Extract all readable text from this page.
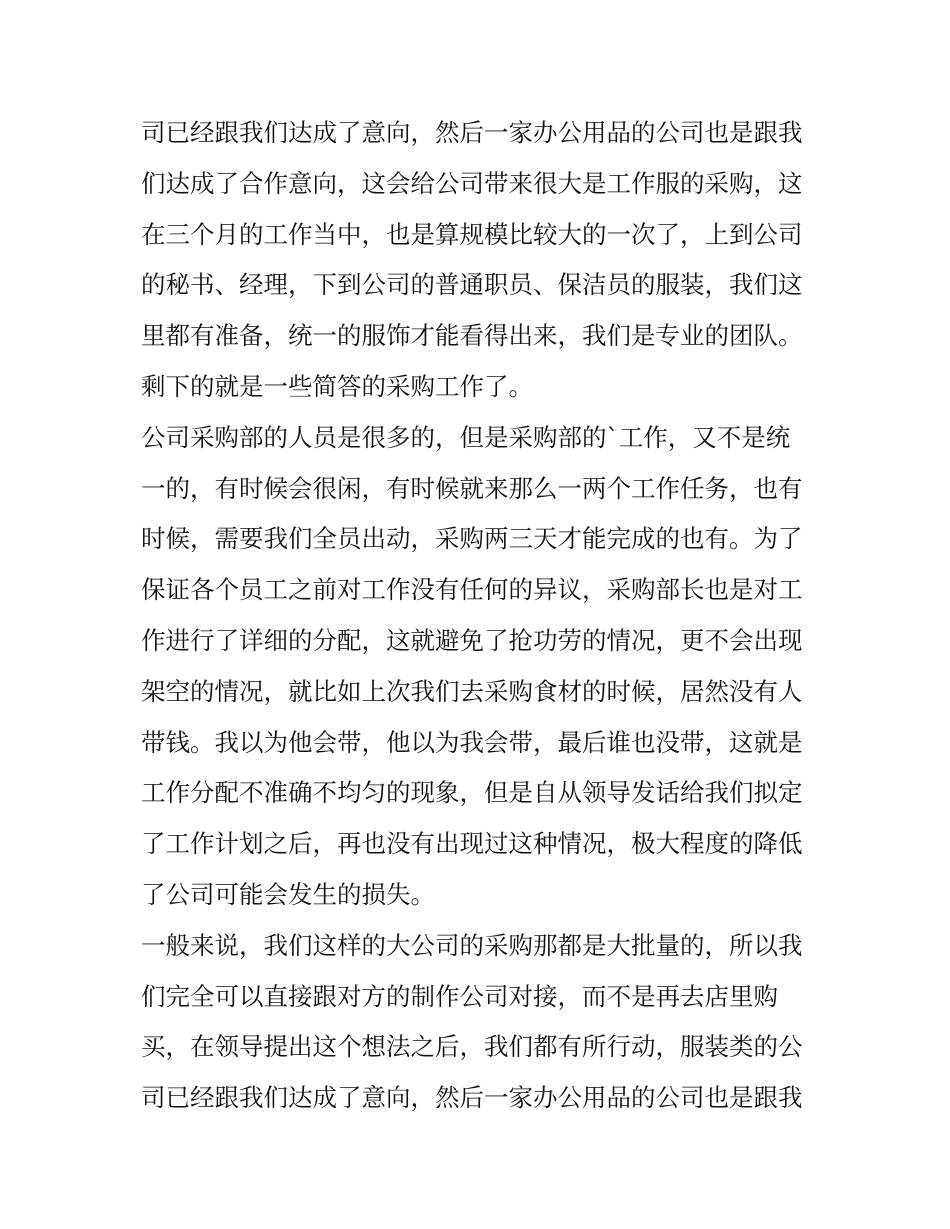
司已经跟我们达成了意向，然后一家办公用品的公司也是跟我
们达成了合作意向，这会给公司带来很大是工作服的采购，这
在三个月的工作当中，也是算规模比较大的一次了，上到公司
的秘书、经理，下到公司的普通职员、保洁员的服装，我们这
里都有准备，统一的服饰才能看得出来，我们是专业的团队。
剩下的就是一些简答的采购工作了。
公司采购部的人员是很多的，但是采购部的`工作，又不是统
一的，有时候会很闲，有时候就来那么一两个工作任务，也有
时候，需要我们全员出动，采购两三天才能完成的也有。为了
保证各个员工之前对工作没有任何的异议，采购部长也是对工
作进行了详细的分配，这就避免了抢功劳的情况，更不会出现
架空的情况，就比如上次我们去采购食材的时候，居然没有人
带钱。我以为他会带，他以为我会带，最后谁也没带，这就是
工作分配不准确不均匀的现象，但是自从领导发话给我们拟定
了工作计划之后，再也没有出现过这种情况，极大程度的降低
了公司可能会发生的损失。
一般来说，我们这样的大公司的采购那都是大批量的，所以我
们完全可以直接跟对方的制作公司对接，而不是再去店里购
买，在领导提出这个想法之后，我们都有所行动，服装类的公
司已经跟我们达成了意向，然后一家办公用品的公司也是跟我
